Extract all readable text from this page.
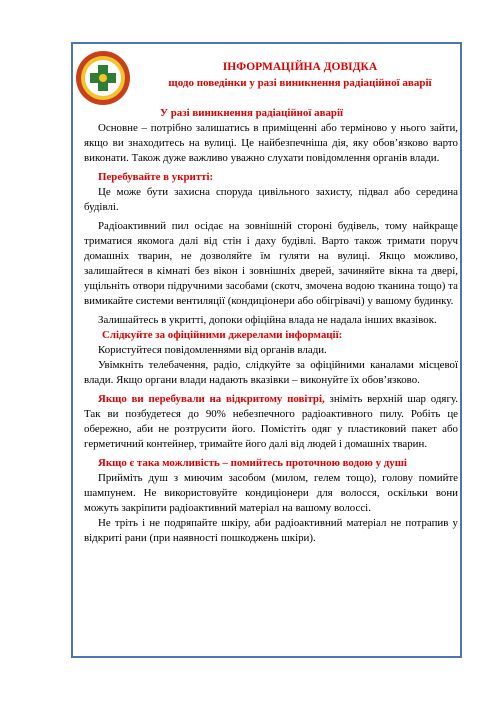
ІНФОРМАЦІЙНА ДОВІДКА
щодо поведінки у разі виникнення радіаційної аварії

У разі виникнення радіаційної аварії

Основне – потрібно залишатись в приміщенні або терміново у нього зайти, якщо ви знаходитесь на вулиці. Це найбезпечніша дія, яку обов’язково варто виконати. Також дуже важливо уважно слухати повідомлення органів влади.

Перебувайте в укритті:

Це може бути захисна споруда цивільного захисту, підвал або середина будівлі.

Радіоактивний пил осідає на зовнішній стороні будівель, тому найкраще триматися якомога далі від стін і даху будівлі. Варто також тримати поруч домашніх тварин, не дозволяйте їм гуляти на вулиці. Якщо можливо, залишайтеся в кімнаті без вікон і зовнішніх дверей, зачиняйте вікна та двері, ущільніть отвори підручними засобами (скотч, змочена водою тканина тощо) та вимикайте системи вентиляції (кондиціонери або обігрівачі) у вашому будинку.

Залишайтесь в укритті, допоки офіційна влада не надала інших вказівок.

Слідкуйте за офіційними джерелами інформації:

Користуйтеся повідомленнями від органів влади.

Увімкніть телебачення, радіо, слідкуйте за офіційними каналами місцевої влади. Якщо органи влади надають вказівки – виконуйте їх обов’язково.

Якщо ви перебували на відкритому повітрі, зніміть верхній шар одягу. Так ви позбудетеся до 90% небезпечного радіоактивного пилу. Робіть це обережно, аби не розтрусити його. Помістіть одяг у пластиковий пакет або герметичний контейнер, тримайте його далі від людей і домашніх тварин.

Якщо є така можливість – помийтесь проточною водою у душі

Прийміть душ з миючим засобом (милом, гелем тощо), голову помийте шампунем. Не використовуйте кондиціонери для волосся, оскільки вони можуть закріпити радіоактивний матеріал на вашому волоссі.

Не тріть і не подряпайте шкіру, аби радіоактивний матеріал не потрапив у відкриті рани (при наявності пошкоджень шкіри).
